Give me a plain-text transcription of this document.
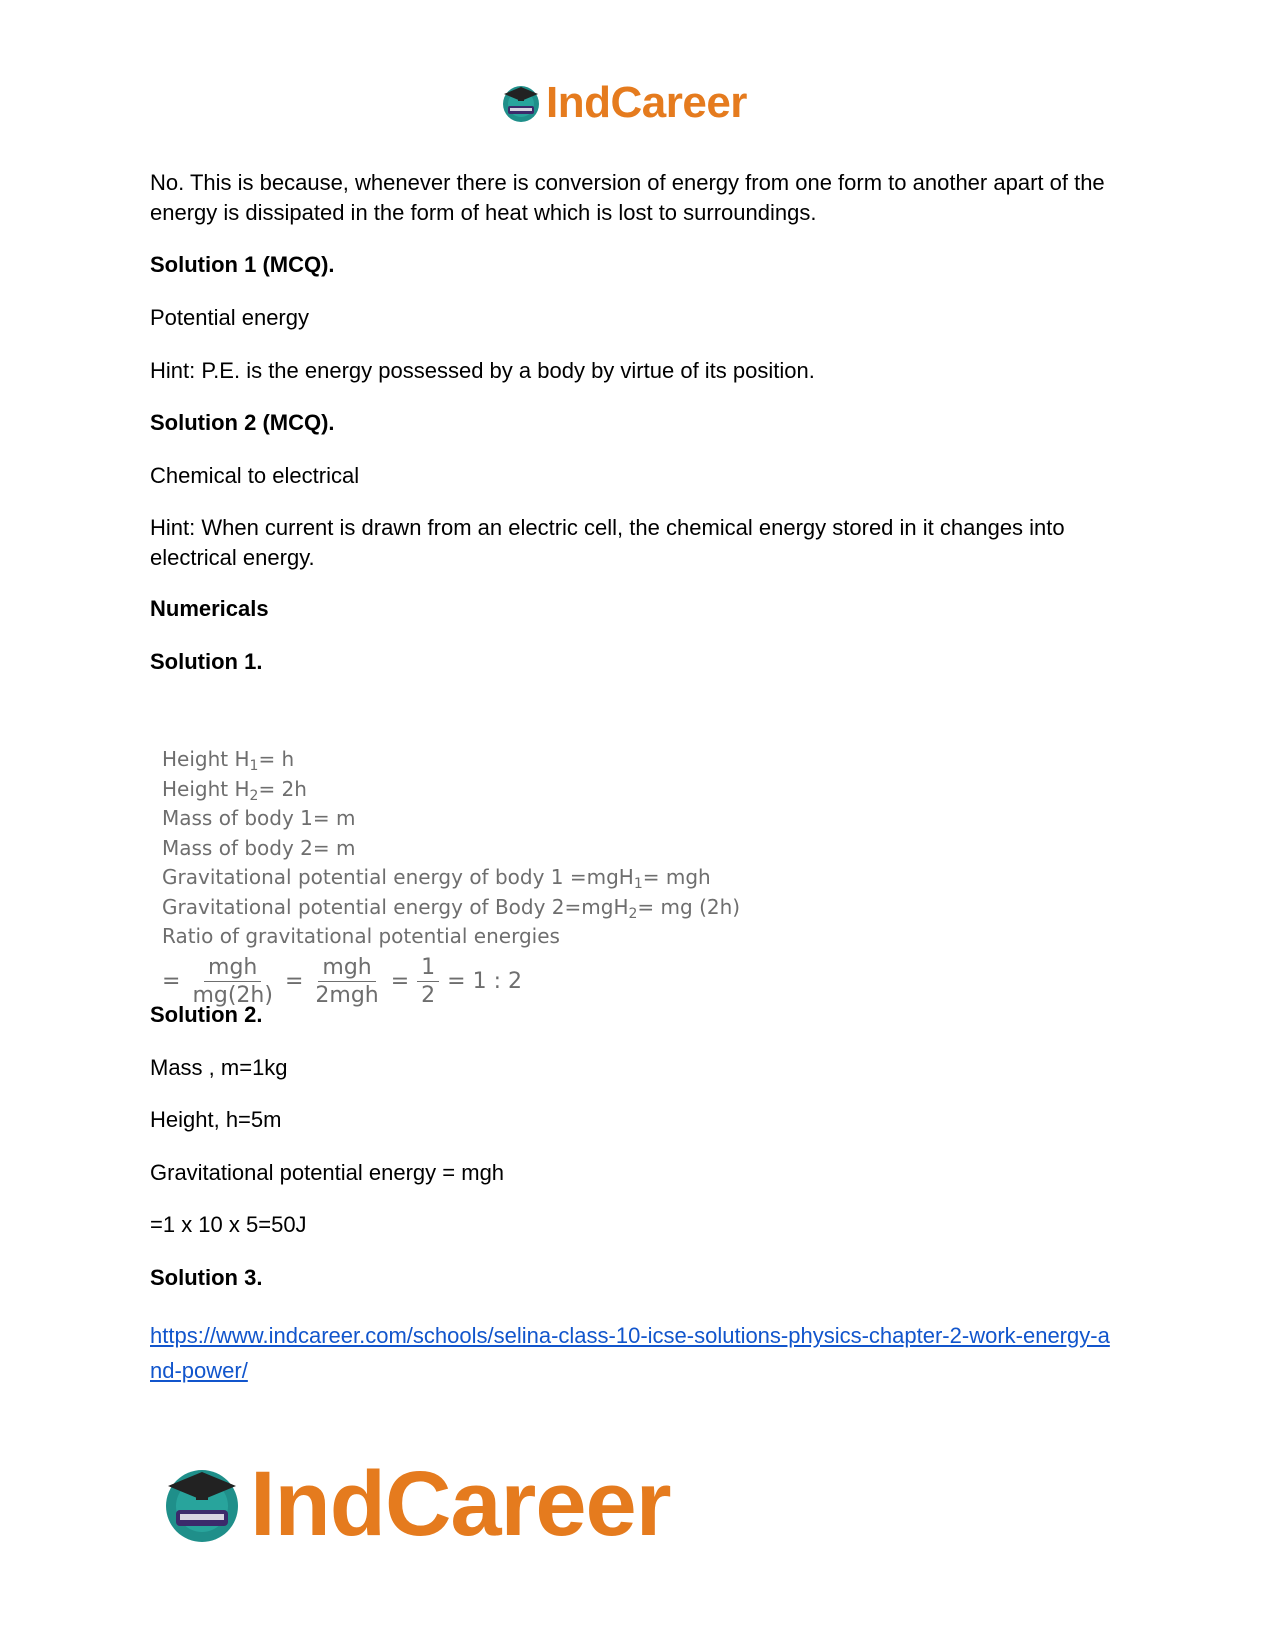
IndCareer

No. This is because, whenever there is conversion of energy from one form to another apart of the energy is dissipated in the form of heat which is lost to surroundings.

Solution 1 (MCQ).

Potential energy

Hint: P.E. is the energy possessed by a body by virtue of its position.

Solution 2 (MCQ).

Chemical to electrical

Hint: When current is drawn from an electric cell, the chemical energy stored in it changes into electrical energy.

Numericals

Solution 1.

Height $H_1= h$
Height $H_2= 2h$
Mass of body 1= m
Mass of body 2= m
Gravitational potential energy of body 1 =mgH$_1$= mgh
Gravitational potential energy of Body 2=mgH$_2$= mg (2h)
Ratio of gravitational potential energies
= $\frac{\text{mgh}}{mg(2h)} = \frac{\text{mgh}}{\text{2mgh}} = \frac{1}{2} = 1$ : 2

Solution 2.

Mass , m=1kg

Height, h=5m

Gravitational potential energy = mgh

=1 x 10 x 5=50J

Solution 3.

https://www.indcareer.com/schools/selina-class-10-icse-solutions-physics-chapter-2-work-energy-and-power/

IndCareer
